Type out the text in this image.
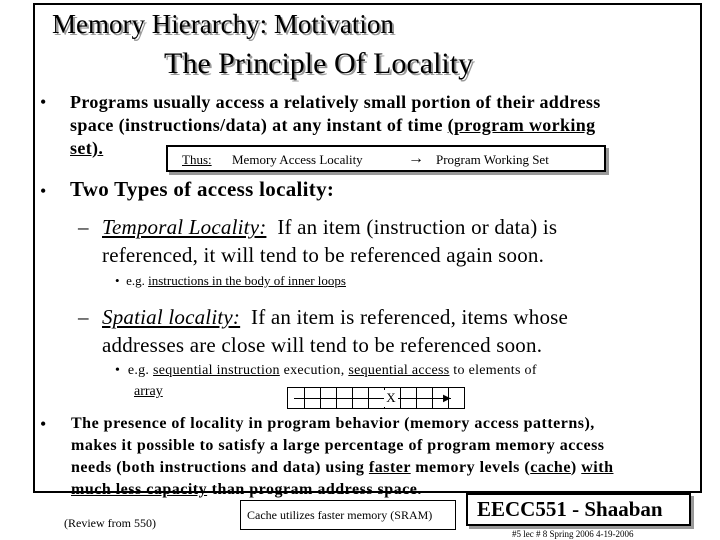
Memory Hierarchy: Motivation
The Principle Of Locality
• Programs usually access a relatively small portion of their address
space (instructions/data) at any instant of time (program working
set).
Thus: Memory Access Locality	→ Program Working Set
• Two Types of access locality:
– Temporal Locality: If an item (instruction or data) is
referenced, it will tend to be referenced again soon.
•  e.g. instructions in the body of inner loops
– Spatial locality: If an item is referenced, items whose
addresses are close will tend to be referenced soon.
•  e.g. sequential instruction execution, sequential access to elements of
array	▶
X
• The presence of locality in program behavior (memory access patterns),
makes it possible to satisfy a large percentage of program memory access
needs (both instructions and data) using faster memory levels (cache) with
much less capacity than program address space.
(Review from 550)
Cache utilizes faster memory (SRAM) EECC551 - Shaaban
#5 lec # 8 Spring 2006 4-19-2006
